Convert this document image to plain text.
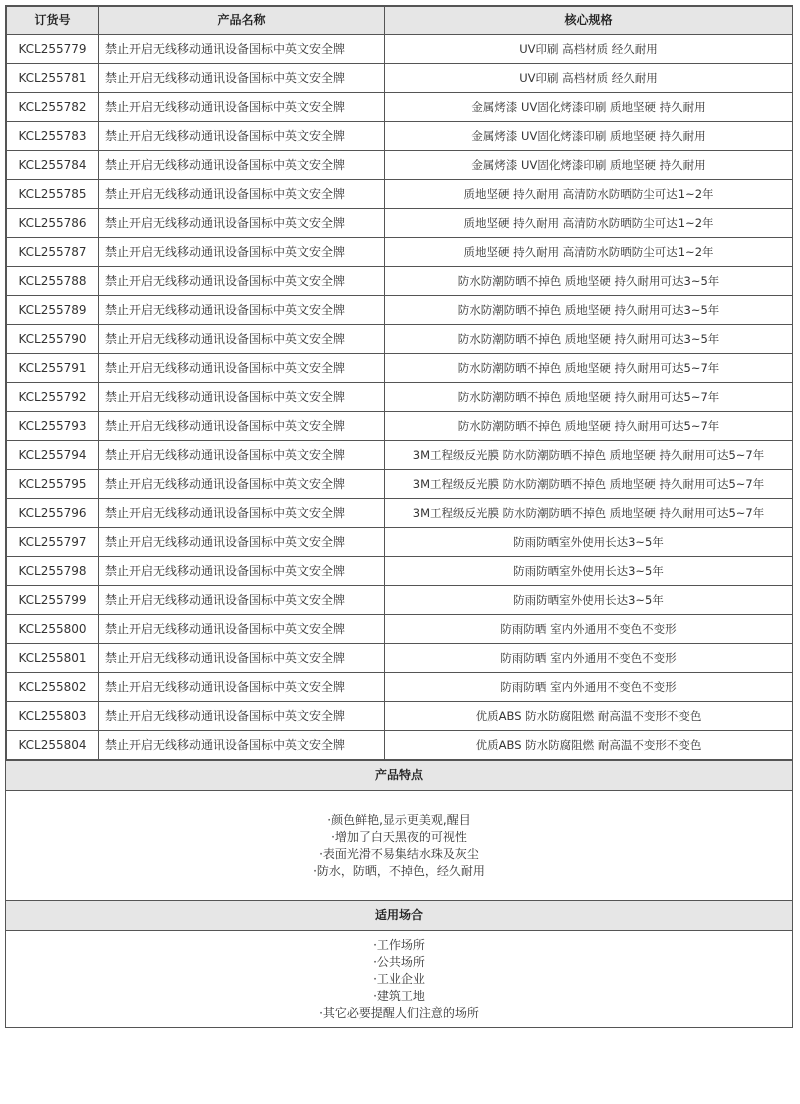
订货号	产品名称	核心规格
KCL255779	禁止开启无线移动通讯设备国标中英文安全牌	UV印刷 高档材质 经久耐用
KCL255781	禁止开启无线移动通讯设备国标中英文安全牌	UV印刷 高档材质 经久耐用
KCL255782	禁止开启无线移动通讯设备国标中英文安全牌	金属烤漆 UV固化烤漆印刷 质地坚硬 持久耐用
KCL255783	禁止开启无线移动通讯设备国标中英文安全牌	金属烤漆 UV固化烤漆印刷 质地坚硬 持久耐用
KCL255784	禁止开启无线移动通讯设备国标中英文安全牌	金属烤漆 UV固化烤漆印刷 质地坚硬 持久耐用
KCL255785	禁止开启无线移动通讯设备国标中英文安全牌	质地坚硬 持久耐用 高清防水防晒防尘可达1~2年
KCL255786	禁止开启无线移动通讯设备国标中英文安全牌	质地坚硬 持久耐用 高清防水防晒防尘可达1~2年
KCL255787	禁止开启无线移动通讯设备国标中英文安全牌	质地坚硬 持久耐用 高清防水防晒防尘可达1~2年
KCL255788	禁止开启无线移动通讯设备国标中英文安全牌	防水防潮防晒不掉色 质地坚硬 持久耐用可达3~5年
KCL255789	禁止开启无线移动通讯设备国标中英文安全牌	防水防潮防晒不掉色 质地坚硬 持久耐用可达3~5年
KCL255790	禁止开启无线移动通讯设备国标中英文安全牌	防水防潮防晒不掉色 质地坚硬 持久耐用可达3~5年
KCL255791	禁止开启无线移动通讯设备国标中英文安全牌	防水防潮防晒不掉色 质地坚硬 持久耐用可达5~7年
KCL255792	禁止开启无线移动通讯设备国标中英文安全牌	防水防潮防晒不掉色 质地坚硬 持久耐用可达5~7年
KCL255793	禁止开启无线移动通讯设备国标中英文安全牌	防水防潮防晒不掉色 质地坚硬 持久耐用可达5~7年
KCL255794	禁止开启无线移动通讯设备国标中英文安全牌	3M工程级反光膜 防水防潮防晒不掉色 质地坚硬 持久耐用可达5~7年
KCL255795	禁止开启无线移动通讯设备国标中英文安全牌	3M工程级反光膜 防水防潮防晒不掉色 质地坚硬 持久耐用可达5~7年
KCL255796	禁止开启无线移动通讯设备国标中英文安全牌	3M工程级反光膜 防水防潮防晒不掉色 质地坚硬 持久耐用可达5~7年
KCL255797	禁止开启无线移动通讯设备国标中英文安全牌	防雨防晒室外使用长达3~5年
KCL255798	禁止开启无线移动通讯设备国标中英文安全牌	防雨防晒室外使用长达3~5年
KCL255799	禁止开启无线移动通讯设备国标中英文安全牌	防雨防晒室外使用长达3~5年
KCL255800	禁止开启无线移动通讯设备国标中英文安全牌	防雨防晒 室内外通用不变色不变形
KCL255801	禁止开启无线移动通讯设备国标中英文安全牌	防雨防晒 室内外通用不变色不变形
KCL255802	禁止开启无线移动通讯设备国标中英文安全牌	防雨防晒 室内外通用不变色不变形
KCL255803	禁止开启无线移动通讯设备国标中英文安全牌	优质ABS 防水防腐阻燃 耐高温不变形不变色
KCL255804	禁止开启无线移动通讯设备国标中英文安全牌	优质ABS 防水防腐阻燃 耐高温不变形不变色
产品特点
·颜色鲜艳,显示更美观,醒目
·增加了白天黑夜的可视性
·表面光滑不易集结水珠及灰尘
·防水，防晒，不掉色，经久耐用
适用场合
·工作场所
·公共场所
·工业企业
·建筑工地
·其它必要提醒人们注意的场所
